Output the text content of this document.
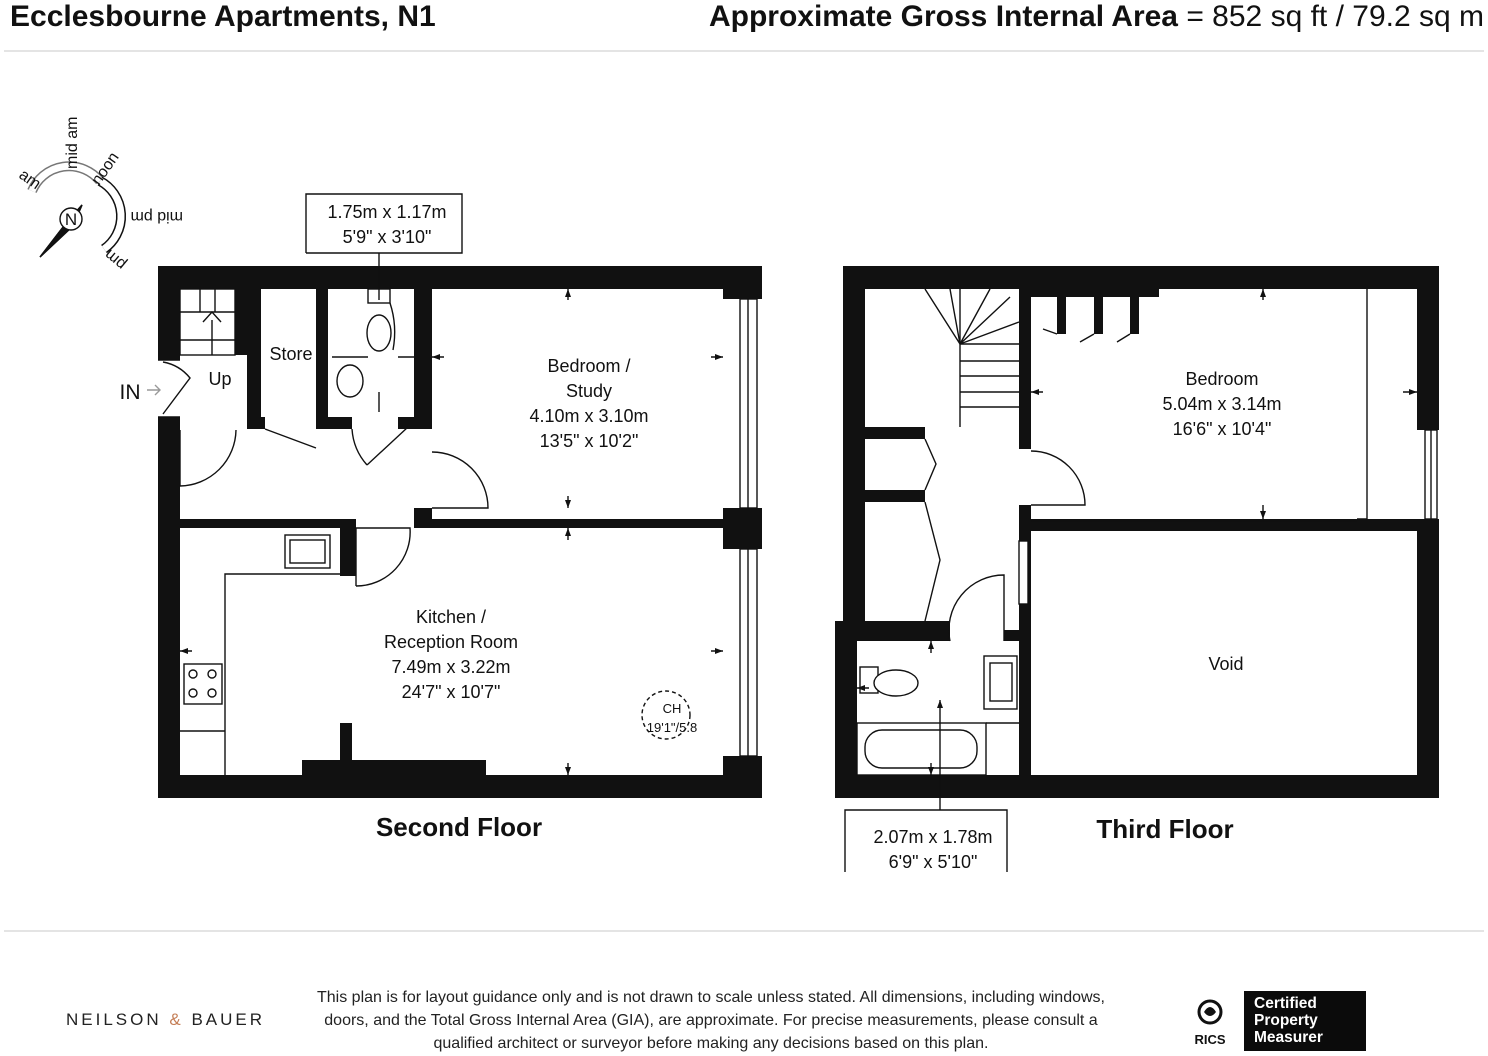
Ecclesbourne Apartments, N1	Approximate Gross Internal Area = 852 sq ft / 79.2 sq m
N
am
mid am noon
mid pm
pm
1.75m x 1.17m
5'9" x 3'10"
IN
Up
Store
Bedroom /
Study
4.10m x 3.10m
13'5" x 10'2"
Kitchen /
Reception Room
7.49m x 3.22m
24'7" x 10'7"
CH
19'1"/5.8
Second Floor
Bedroom
5.04m x 3.14m
16'6" x 10'4"
Void
2.07m x 1.78m
6'9" x 5'10"
Third Floor
NEILSON & BAUER
This plan is for layout guidance only and is not drawn to scale unless stated. All dimensions, including windows, doors, and the Total Gross Internal Area (GIA), are approximate. For precise measurements, please consult a qualified architect or surveyor before making any decisions based on this plan.	RICS
Certified
Property
Measurer
